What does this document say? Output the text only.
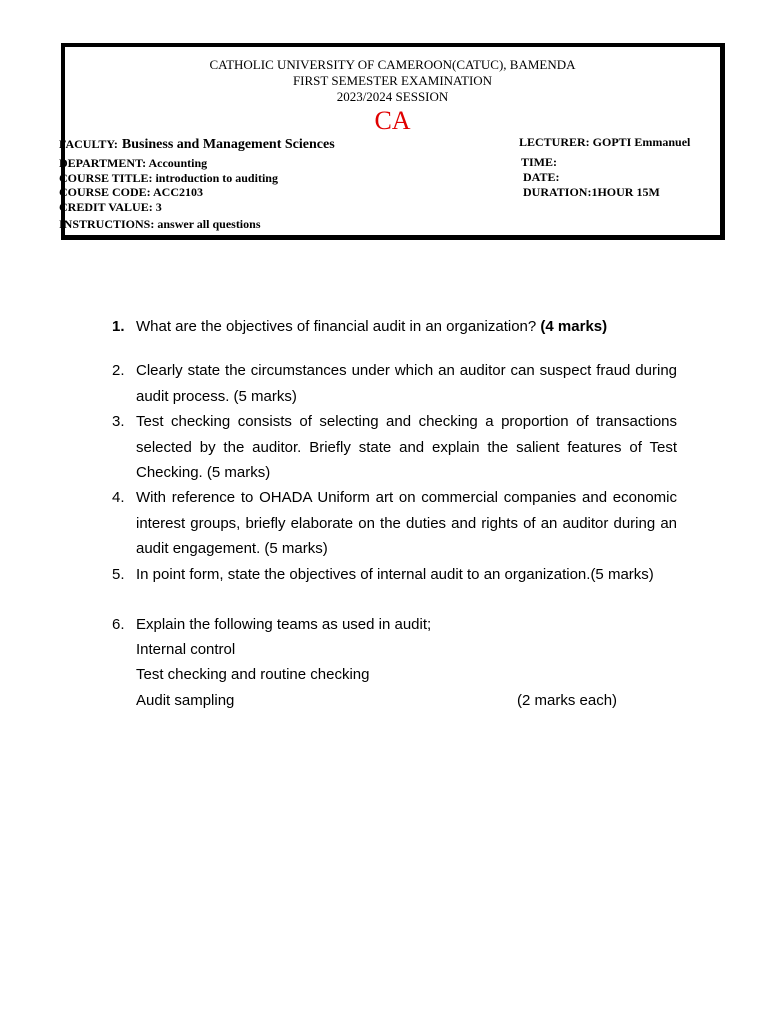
CATHOLIC UNIVERSITY OF CAMEROON(CATUC), BAMENDA
FIRST SEMESTER EXAMINATION
2023/2024 SESSION
CA
FACULTY: Business and Management Sciences
DEPARTMENT: Accounting
COURSE TITLE: introduction to auditing
COURSE CODE: ACC2103
CREDIT VALUE: 3
INSTRUCTIONS: answer all questions
LECTURER: GOPTI Emmanuel
TIME:
DATE:
DURATION:1HOUR 15M
1. What are the objectives of financial audit in an organization? (4 marks)
2. Clearly state the circumstances under which an auditor can suspect fraud during audit process. (5 marks)
3. Test checking consists of selecting and checking a proportion of transactions selected by the auditor. Briefly state and explain the salient features of Test Checking. (5 marks)
4. With reference to OHADA Uniform art on commercial companies and economic interest groups, briefly elaborate on the duties and rights of an auditor during an audit engagement. (5 marks)
5. In point form, state the objectives of internal audit to an organization.(5 marks)
6. Explain the following teams as used in audit;
Internal control
Test checking and routine checking
Audit sampling	(2 marks each)
